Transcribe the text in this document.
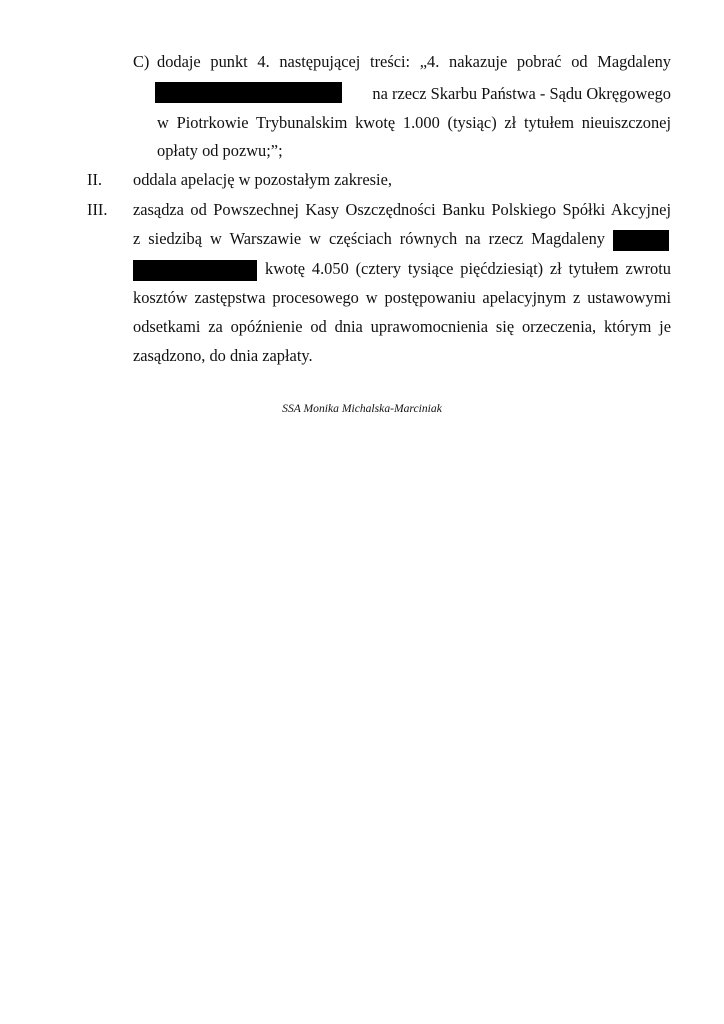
C) dodaje punkt 4. następującej treści: „4. nakazuje pobrać od Magdaleny
na rzecz Skarbu Państwa - Sądu Okręgowego
w Piotrkowie Trybunalskim kwotę 1.000 (tysiąc) zł tytułem nieuiszczonej
opłaty od pozwu;”;
II. oddala apelację w pozostałym zakresie,
III. zasądza od Powszechnej Kasy Oszczędności Banku Polskiego Spółki Akcyjnej
z siedzibą w Warszawie w częściach równych na rzecz Magdaleny
kwotę 4.050 (cztery tysiące pięćdziesiąt) zł tytułem zwrotu
kosztów zastępstwa procesowego w postępowaniu apelacyjnym z ustawowymi
odsetkami za opóźnienie od dnia uprawomocnienia się orzeczenia, którym je
zasądzono, do dnia zapłaty.
SSA Monika Michalska-Marciniak
